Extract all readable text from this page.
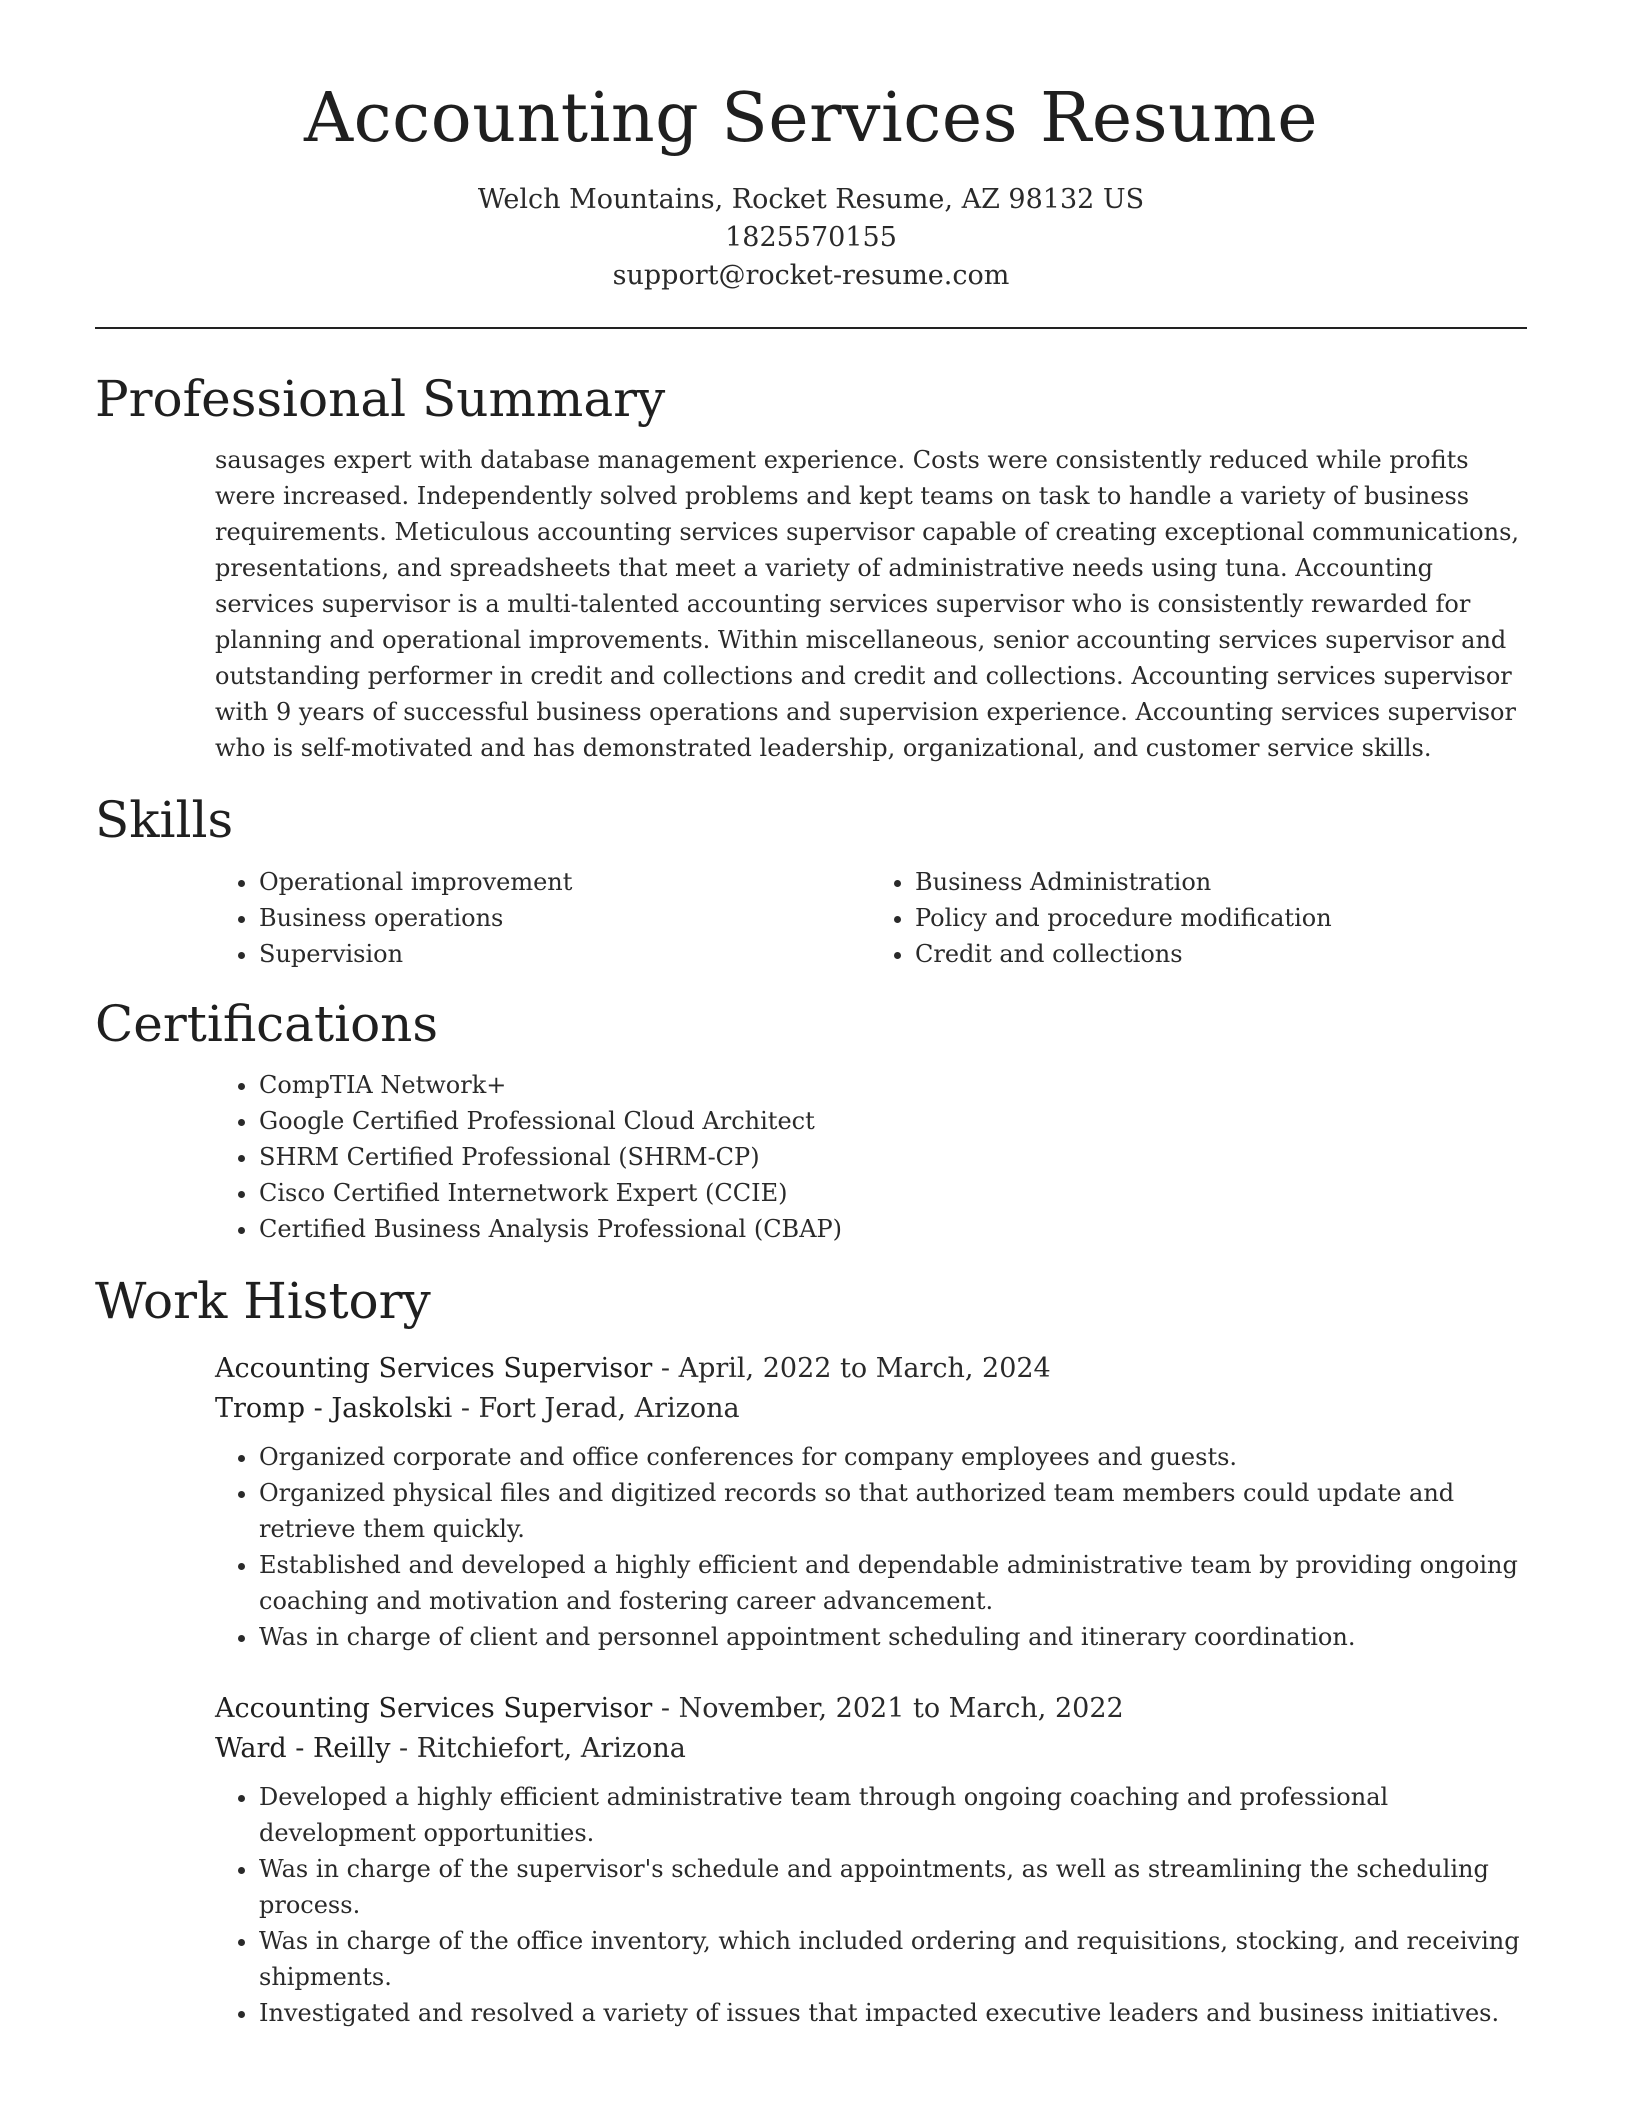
Accounting Services Resume
Welch Mountains, Rocket Resume, AZ 98132 US
1825570155
support@rocket-resume.com
Professional Summary

sausages expert with database management experience. Costs were consistently reduced while profits were increased. Independently solved problems and kept teams on task to handle a variety of business requirements. Meticulous accounting services supervisor capable of creating exceptional communications, presentations, and spreadsheets that meet a variety of administrative needs using tuna. Accounting services supervisor is a multi-talented accounting services supervisor who is consistently rewarded for planning and operational improvements. Within miscellaneous, senior accounting services supervisor and outstanding performer in credit and collections and credit and collections. Accounting services supervisor with 9 years of successful business operations and supervision experience. Accounting services supervisor who is self-motivated and has demonstrated leadership, organizational, and customer service skills.

Skills
• Operational improvement
• Business operations
• Supervision
• Business Administration
• Policy and procedure modification
• Credit and collections
Certifications
• CompTIA Network+
• Google Certified Professional Cloud Architect
• SHRM Certified Professional (SHRM-CP)
• Cisco Certified Internetwork Expert (CCIE)
• Certified Business Analysis Professional (CBAP)
Work History
Accounting Services Supervisor - April, 2022 to March, 2024
Tromp - Jaskolski - Fort Jerad, Arizona
• Organized corporate and office conferences for company employees and guests.
• Organized physical files and digitized records so that authorized team members could update and retrieve them quickly.
• Established and developed a highly efficient and dependable administrative team by providing ongoing coaching and motivation and fostering career advancement.
• Was in charge of client and personnel appointment scheduling and itinerary coordination.
Accounting Services Supervisor - November, 2021 to March, 2022
Ward - Reilly - Ritchiefort, Arizona
• Developed a highly efficient administrative team through ongoing coaching and professional development opportunities.
• Was in charge of the supervisor's schedule and appointments, as well as streamlining the scheduling process.
• Was in charge of the office inventory, which included ordering and requisitions, stocking, and receiving shipments.
• Investigated and resolved a variety of issues that impacted executive leaders and business initiatives.
